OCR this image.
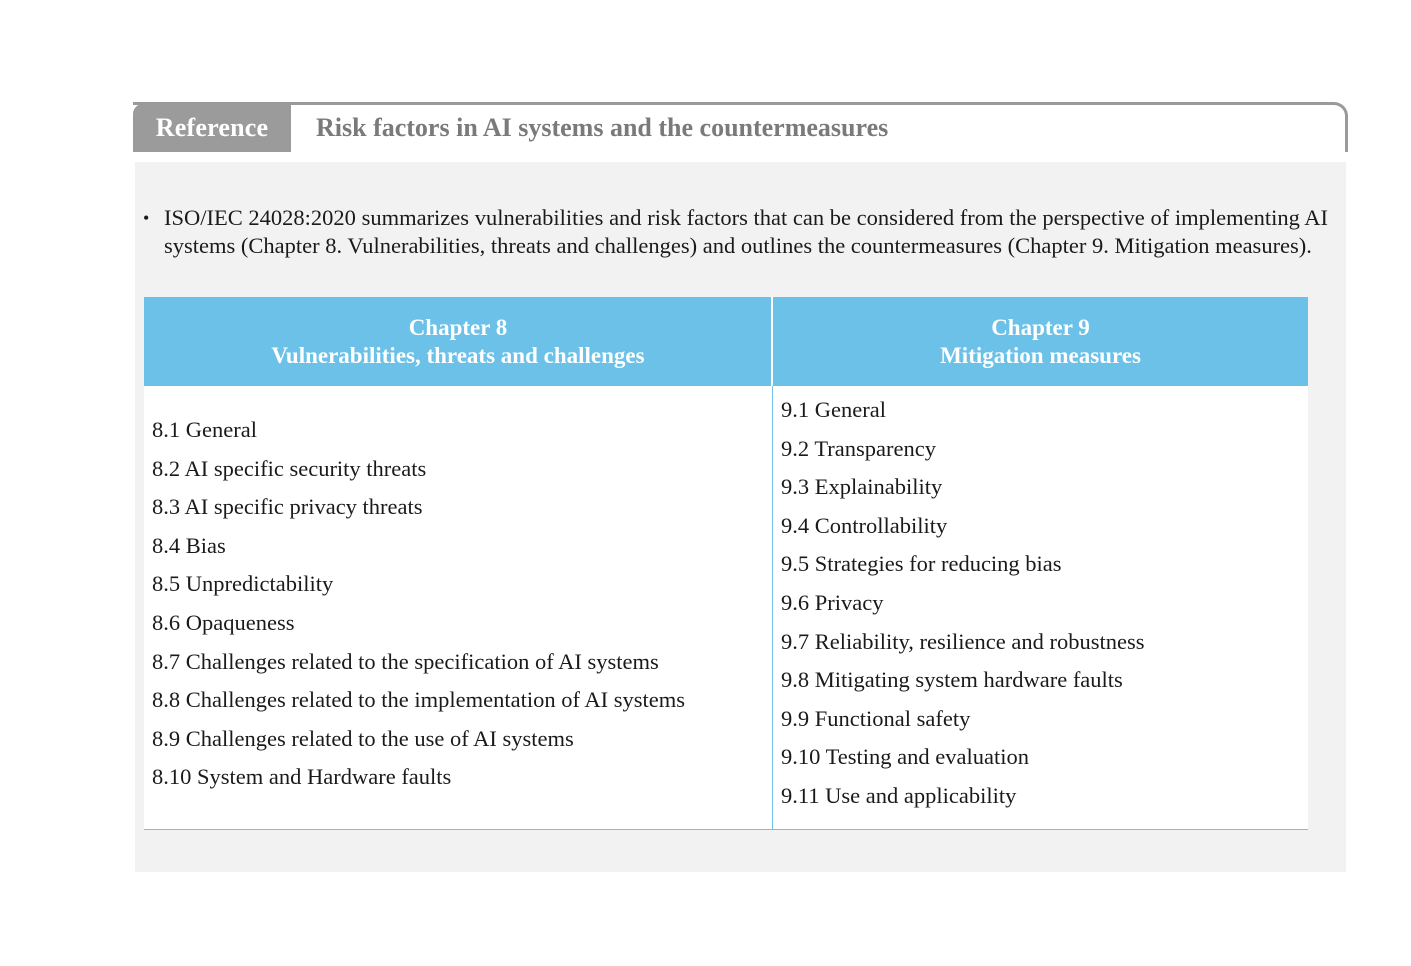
Reference Risk factors in AI systems and the countermeasures
• ISO/IEC 24028:2020 summarizes vulnerabilities and risk factors that can be considered from the perspective of implementing AI systems (Chapter 8. Vulnerabilities, threats and challenges) and outlines the countermeasures (Chapter 9. Mitigation measures).
Chapter 8
Vulnerabilities, threats and challenges
Chapter 9
Mitigation measures
8.1 General
8.2 AI specific security threats
8.3 AI specific privacy threats
8.4 Bias
8.5 Unpredictability
8.6 Opaqueness
8.7 Challenges related to the specification of AI systems
8.8 Challenges related to the implementation of AI systems
8.9 Challenges related to the use of AI systems
8.10 System and Hardware faults
9.1 General
9.2 Transparency
9.3 Explainability
9.4 Controllability
9.5 Strategies for reducing bias
9.6 Privacy
9.7 Reliability, resilience and robustness
9.8 Mitigating system hardware faults
9.9 Functional safety
9.10 Testing and evaluation
9.11 Use and applicability
